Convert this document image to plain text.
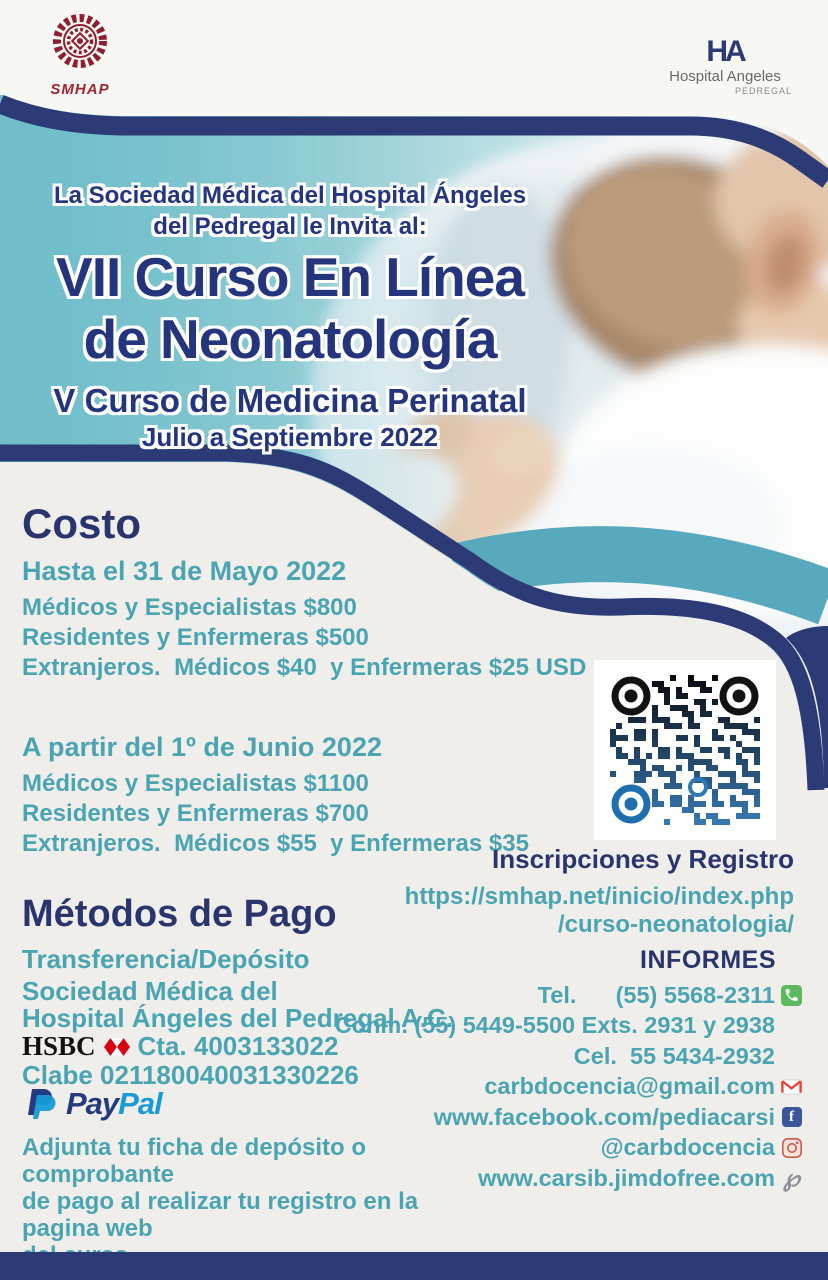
SMHAP
HA
Hospital Angeles
PEDREGAL
La Sociedad Médica del Hospital Ángeles
del Pedregal le Invita al:
VII Curso En Línea
de Neonatología
V Curso de Medicina Perinatal
Julio a Septiembre 2022
Costo
Hasta el 31 de Mayo 2022
Médicos y Especialistas $800
Residentes y Enfermeras $500
Extranjeros.  Médicos $40  y Enfermeras $25 USD
A partir del 1º de Junio 2022
Médicos y Especialistas $1100
Residentes y Enfermeras $700
Extranjeros.  Médicos $55  y Enfermeras $35
Inscripciones y Registro
https://smhap.net/inicio/index.php
/curso-neonatologia/
Métodos de Pago
Transferencia/Depósito
Sociedad Médica del
Hospital Ángeles del Pedregal A.C.
HSBC Cta. 4003133022
Clabe 021180040031330226
PayPal
Adjunta tu ficha de depósito o comprobante
de pago al realizar tu registro en la pagina web
INFORMES
Tel.      (55) 5568-2311
Conm. (55) 5449-5500 Exts. 2931 y 2938
Cel.  55 5434-2932
carbdocencia@gmail.com
www.facebook.com/pediacarsi f
@carbdocencia
www.carsib.jimdofree.com ℘
